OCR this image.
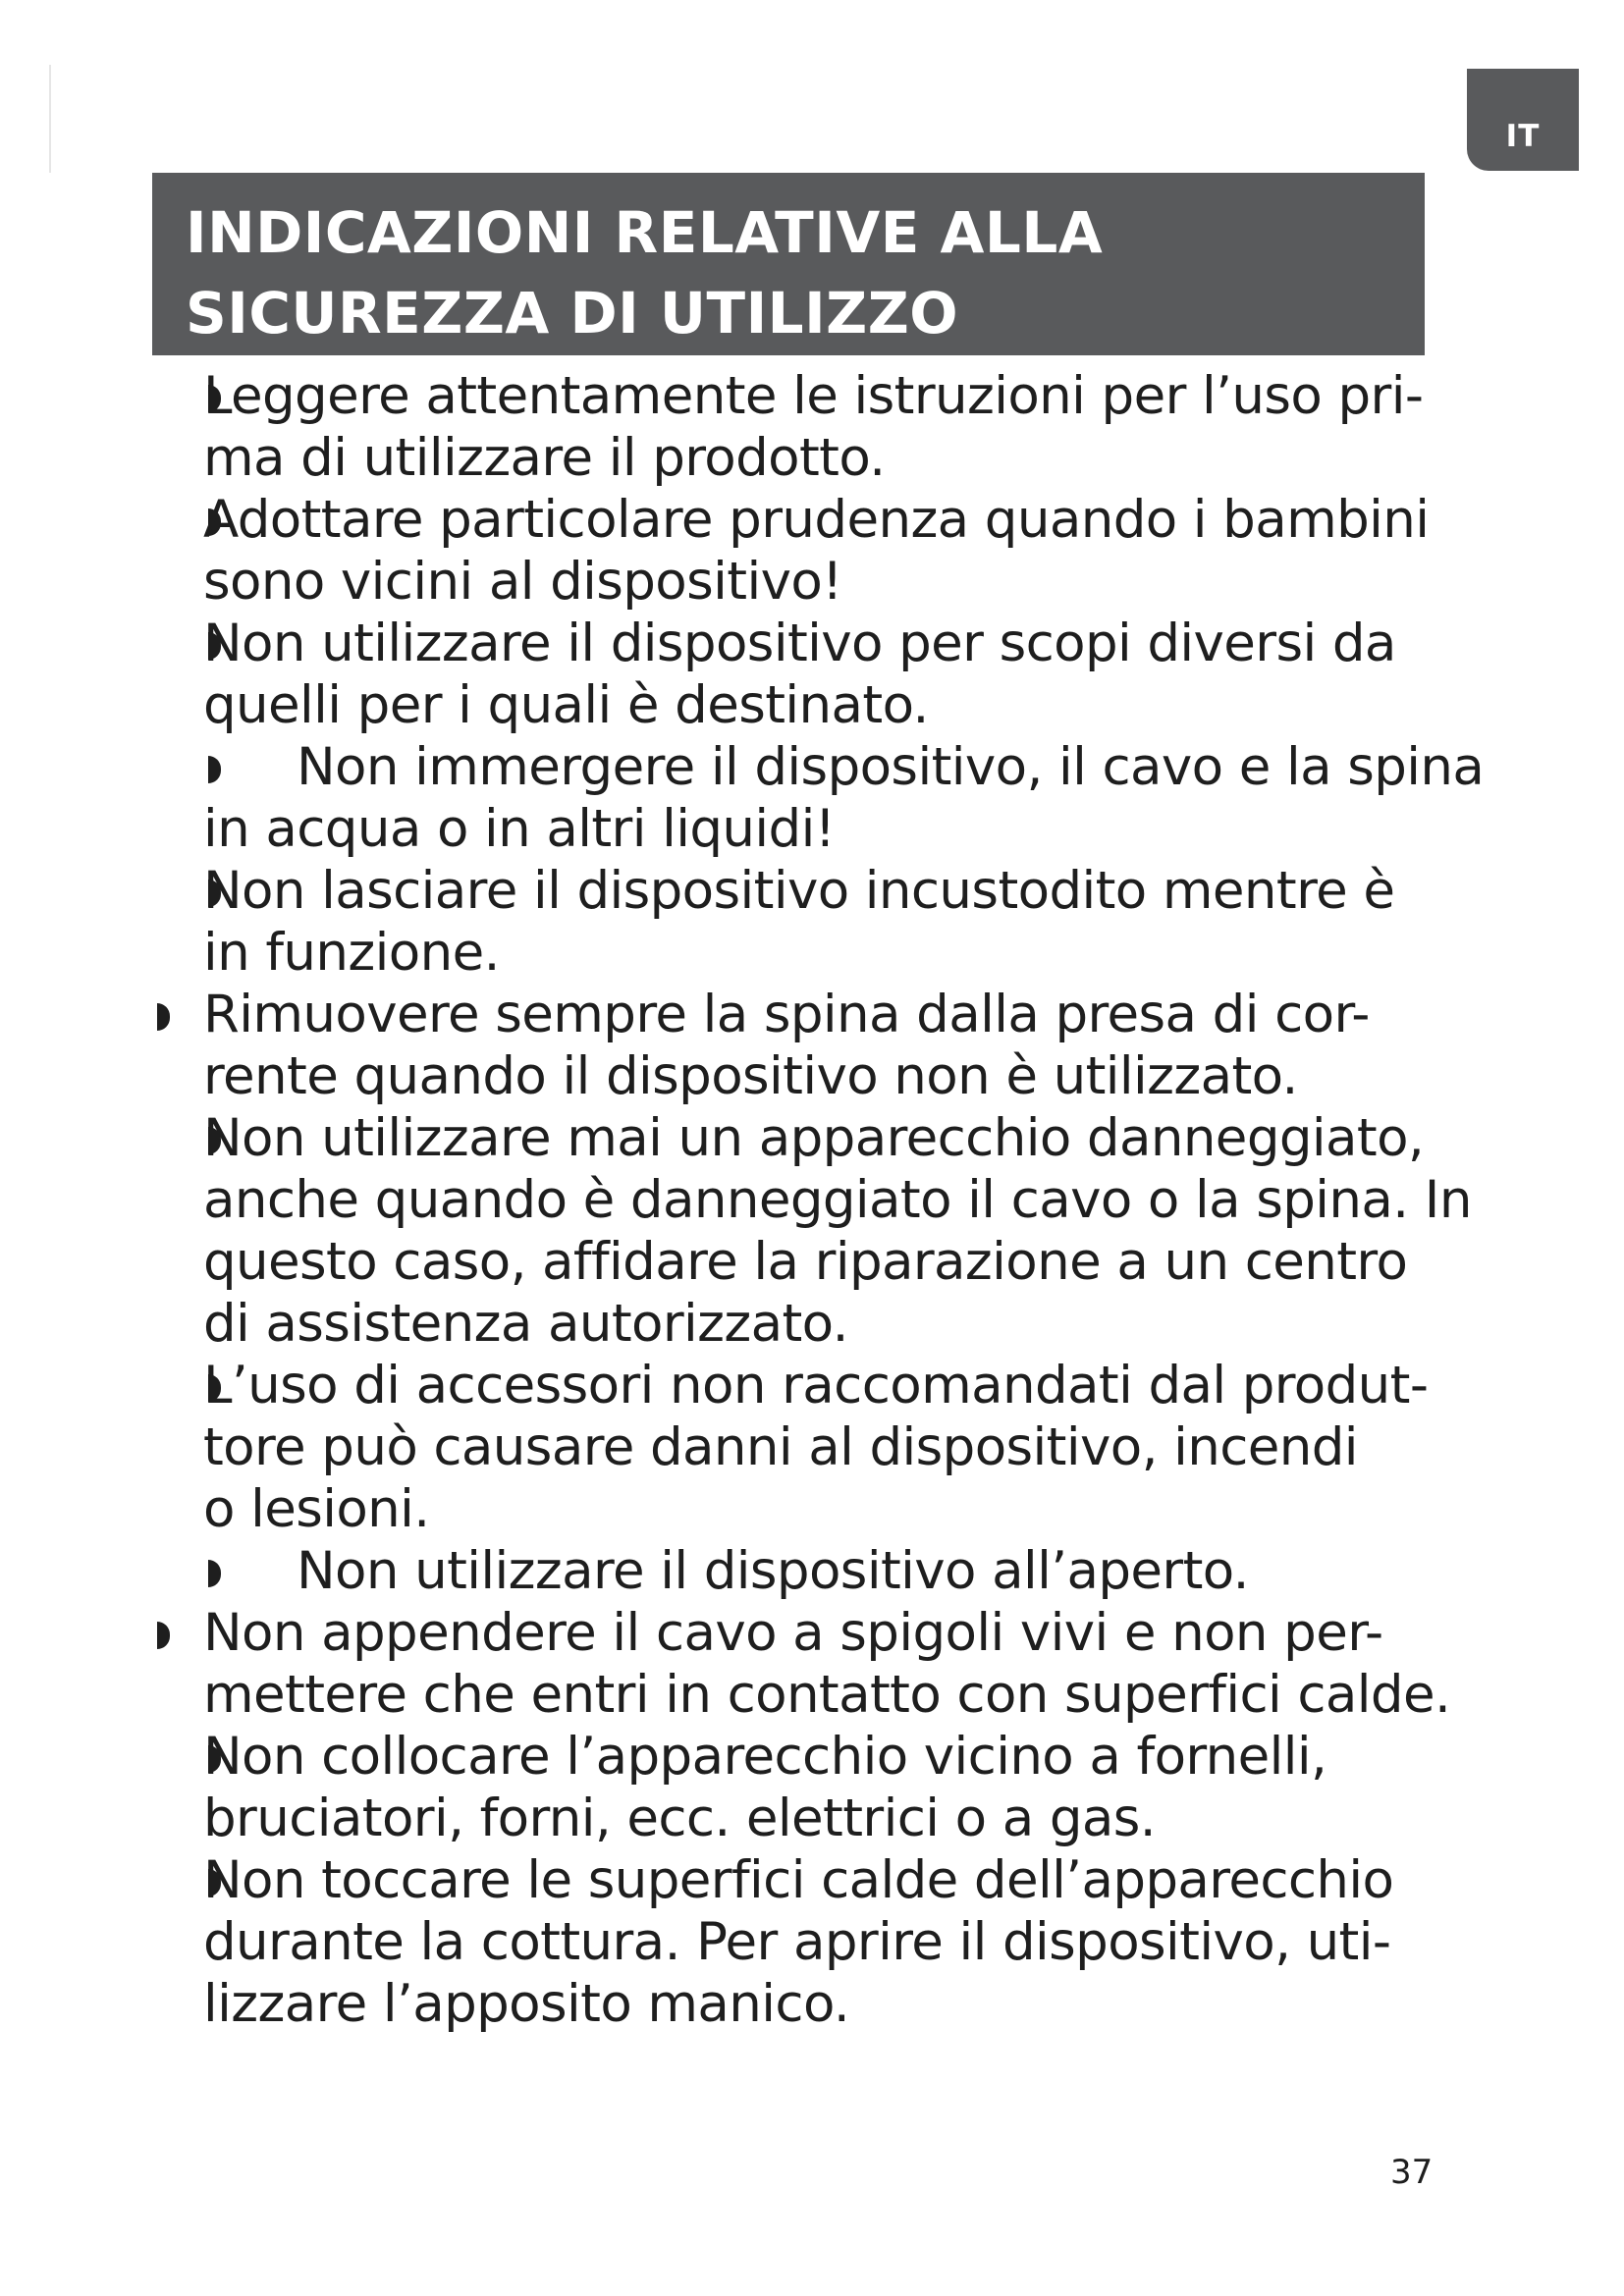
IT
INDICAZIONI RELATIVE ALLA
SICUREZZA DI UTILIZZO
Leggere attentamente le istruzioni per l’uso pri-
ma di utilizzare il prodotto.
Adottare particolare prudenza quando i bambini
sono vicini al dispositivo!
Non utilizzare il dispositivo per scopi diversi da
quelli per i quali è destinato.
Non immergere il dispositivo, il cavo e la spina
in acqua o in altri liquidi!
Non lasciare il dispositivo incustodito mentre è
in funzione.
Rimuovere sempre la spina dalla presa di cor-
rente quando il dispositivo non è utilizzato.
Non utilizzare mai un apparecchio danneggiato,
anche quando è danneggiato il cavo o la spina. In
questo caso, affidare la riparazione a un centro
di assistenza autorizzato.
L’uso di accessori non raccomandati dal produt-
tore può causare danni al dispositivo, incendi
o lesioni.
Non utilizzare il dispositivo all’aperto.
Non appendere il cavo a spigoli vivi e non per-
mettere che entri in contatto con superfici calde.
Non collocare l’apparecchio vicino a fornelli,
bruciatori, forni, ecc. elettrici o a gas.
Non toccare le superfici calde dell’apparecchio
durante la cottura. Per aprire il dispositivo, uti-
lizzare l’apposito manico.
37
